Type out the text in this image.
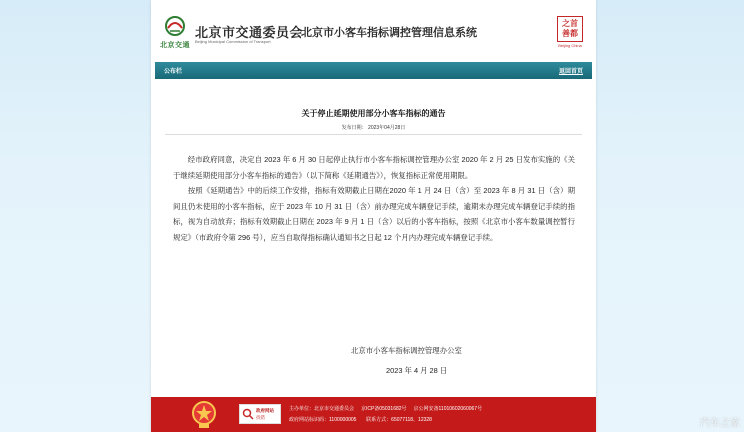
北京交通
北京市交通委员会
Beijing Municipal Commission of Transport
北京市小客车指标调控管理信息系统
之首
善都
Beijing China
公布栏	返回首页
关于停止延期使用部分小客车指标的通告
发布日期： 2023年04月28日

经市政府同意，决定自 2023 年 6 月 30 日起停止执行市小客车指标调控管理办公室 2020 年 2 月 25 日发布实施的《关于继续延期使用部分小客车指标的通告》（以下简称《延期通告》），恢复指标正常使用期限。

按照《延期通告》中的后续工作安排，指标有效期截止日期在2020 年 1 月 24 日（含）至 2023 年 8 月 31 日（含）期间且仍未使用的小客车指标，应于 2023 年 10 月 31 日（含）前办理完成车辆登记手续，逾期未办理完成车辆登记手续的指标，视为自动放弃；指标有效期截止日期在 2023 年 9 月 1 日（含）以后的小客车指标，按照《北京市小客车数量调控暂行规定》（市政府令第 296 号），应当自取得指标确认通知书之日起 12 个月内办理完成车辆登记手续。

北京市小客车指标调控管理办公室
2023 年 4 月 28 日
政府网站
找错
主办单位：北京市交通委员会 京ICP备05031682号 京公网安备11010602060067号
政府网站标识码：1100000005 联系方式：65077118、12328	汽车之家
